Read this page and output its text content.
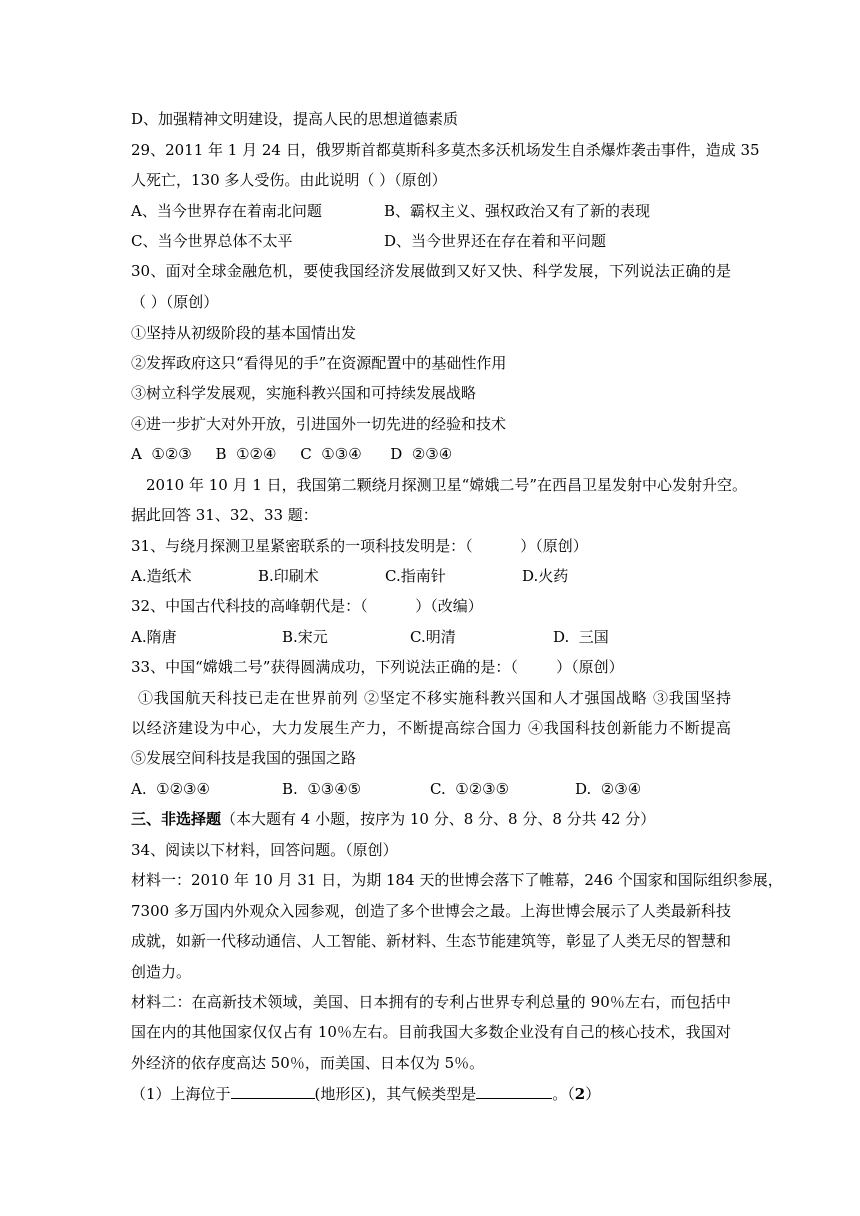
D、加强精神文明建设，提高人民的思想道德素质
29、2011 年 1 月 24 日，俄罗斯首都莫斯科多莫杰多沃机场发生自杀爆炸袭击事件，造成 35
人死亡，130 多人受伤。由此说明（ ）（原创）
A、当今世界存在着南北问题	B、霸权主义、强权政治又有了新的表现
C、当今世界总体不太平	D、当今世界还在存在着和平问题
30、面对全球金融危机，要使我国经济发展做到又好又快、科学发展，下列说法正确的是
（ ）（原创）
①坚持从初级阶段的基本国情出发
②发挥政府这只“看得见的手”在资源配置中的基础性作用
③树立科学发展观，实施科教兴国和可持续发展战略
④进一步扩大对外开放，引进国外一切先进的经验和技术
A  ①②③     B  ①②④     C  ①③④      D  ②③④
2010 年 10 月 1 日，我国第二颗绕月探测卫星“嫦娥二号”在西昌卫星发射中心发射升空。
据此回答 31、32、33 题：
31、与绕月探测卫星紧密联系的一项科技发明是：（          ）（原创）
A.造纸术	B.印刷术	C.指南针	D.火药
32、中国古代科技的高峰朝代是：（          ）（改编）
A.隋唐	B.宋元	C.明清	D.  三国
33、中国“嫦娥二号”获得圆满成功，下列说法正确的是：（        ）（原创）
①我国航天科技已走在世界前列 ②坚定不移实施科教兴国和人才强国战略 ③我国坚持
以经济建设为中心，大力发展生产力，不断提高综合国力 ④我国科技创新能力不断提高
⑤发展空间科技是我国的强国之路
A.  ①②③④	B.  ①③④⑤	C.  ①②③⑤	D.  ②③④
三、非选择题（本大题有 4 小题，按序为 10 分、8 分、8 分、8 分共 42 分）
34、阅读以下材料，回答问题。（原创）
材料一：2010 年 10 月 31 日，为期 184 天的世博会落下了帷幕，246 个国家和国际组织参展，
7300 多万国内外观众入园参观，创造了多个世博会之最。上海世博会展示了人类最新科技
成就，如新一代移动通信、人工智能、新材料、生态节能建筑等，彰显了人类无尽的智慧和
创造力。
材料二：在高新技术领域，美国、日本拥有的专利占世界专利总量的 90％左右，而包括中
国在内的其他国家仅仅占有 10％左右。目前我国大多数企业没有自己的核心技术，我国对
外经济的依存度高达 50％，而美国、日本仅为 5％。
（1）上海位于	(地形区)，其气候类型是	。（2）
